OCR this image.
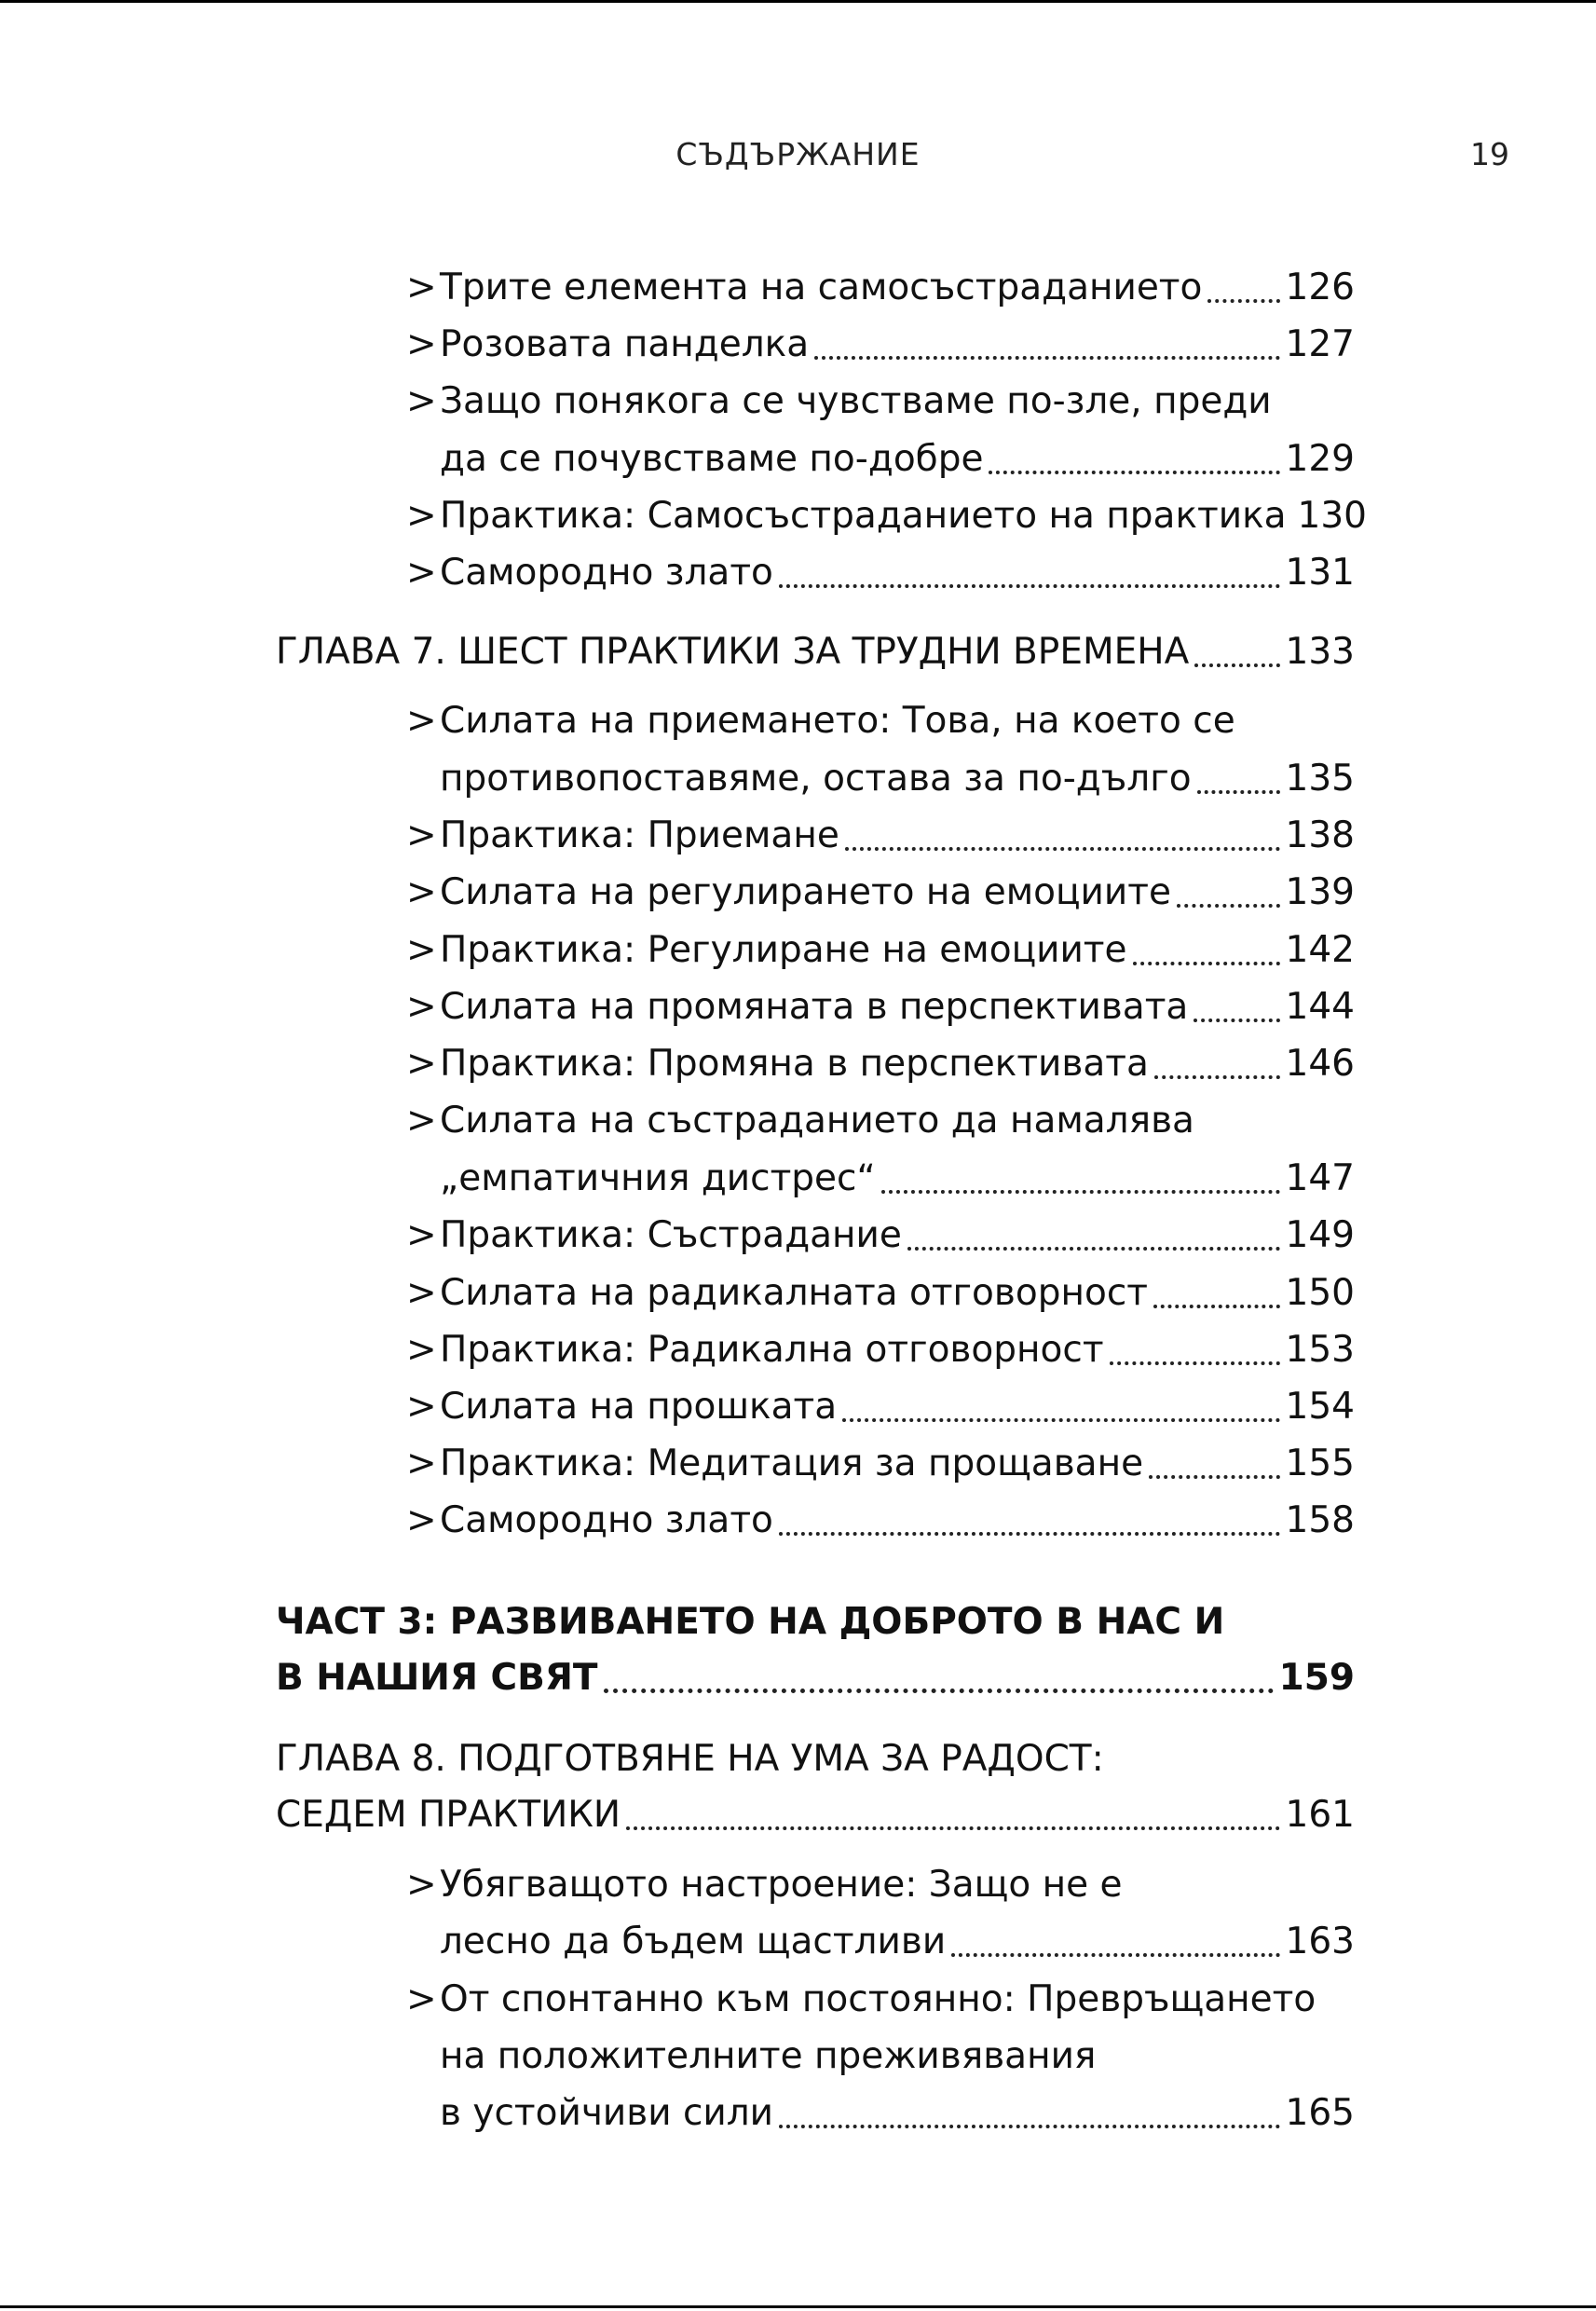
СЪДЪРЖАНИЕ	19
> Трите елемента на самосъстраданието 126
> Розовата панделка	127
> Защо понякога се чувстваме по-зле, преди
да се почувстваме по-добре	129
> Практика: Самосъстраданието на практика 130
> Самородно злато	131
ГЛАВА 7. ШЕСТ ПРАКТИКИ ЗА ТРУДНИ ВРЕМЕНА	133
> Силата на приемането: Това, на което се
противопоставяме, остава за по-дълго	135
> Практика: Приемане	138
> Силата на регулирането на емоциите	139
> Практика: Регулиране на емоциите	142
> Силата на промяната в перспективата	144
> Практика: Промяна в перспективата	146
> Силата на състраданието да намалява
„емпатичния дистрес“	147
> Практика: Състрадание	149
> Силата на радикалната отговорност	150
> Практика: Радикална отговорност	153
> Силата на прошката	154
> Практика: Медитация за прощаване	155
> Самородно злато	158
ЧАСТ 3: РАЗВИВАНЕТО НА ДОБРОТО В НАС И
В НАШИЯ СВЯТ	159
ГЛАВА 8. ПОДГОТВЯНЕ НА УМА ЗА РАДОСТ:
СЕДЕМ ПРАКТИКИ	161
> Убягващото настроение: Защо не е
лесно да бъдем щастливи	163
> От спонтанно към постоянно: Превръщането
на положителните преживявания
в устойчиви сили	165
